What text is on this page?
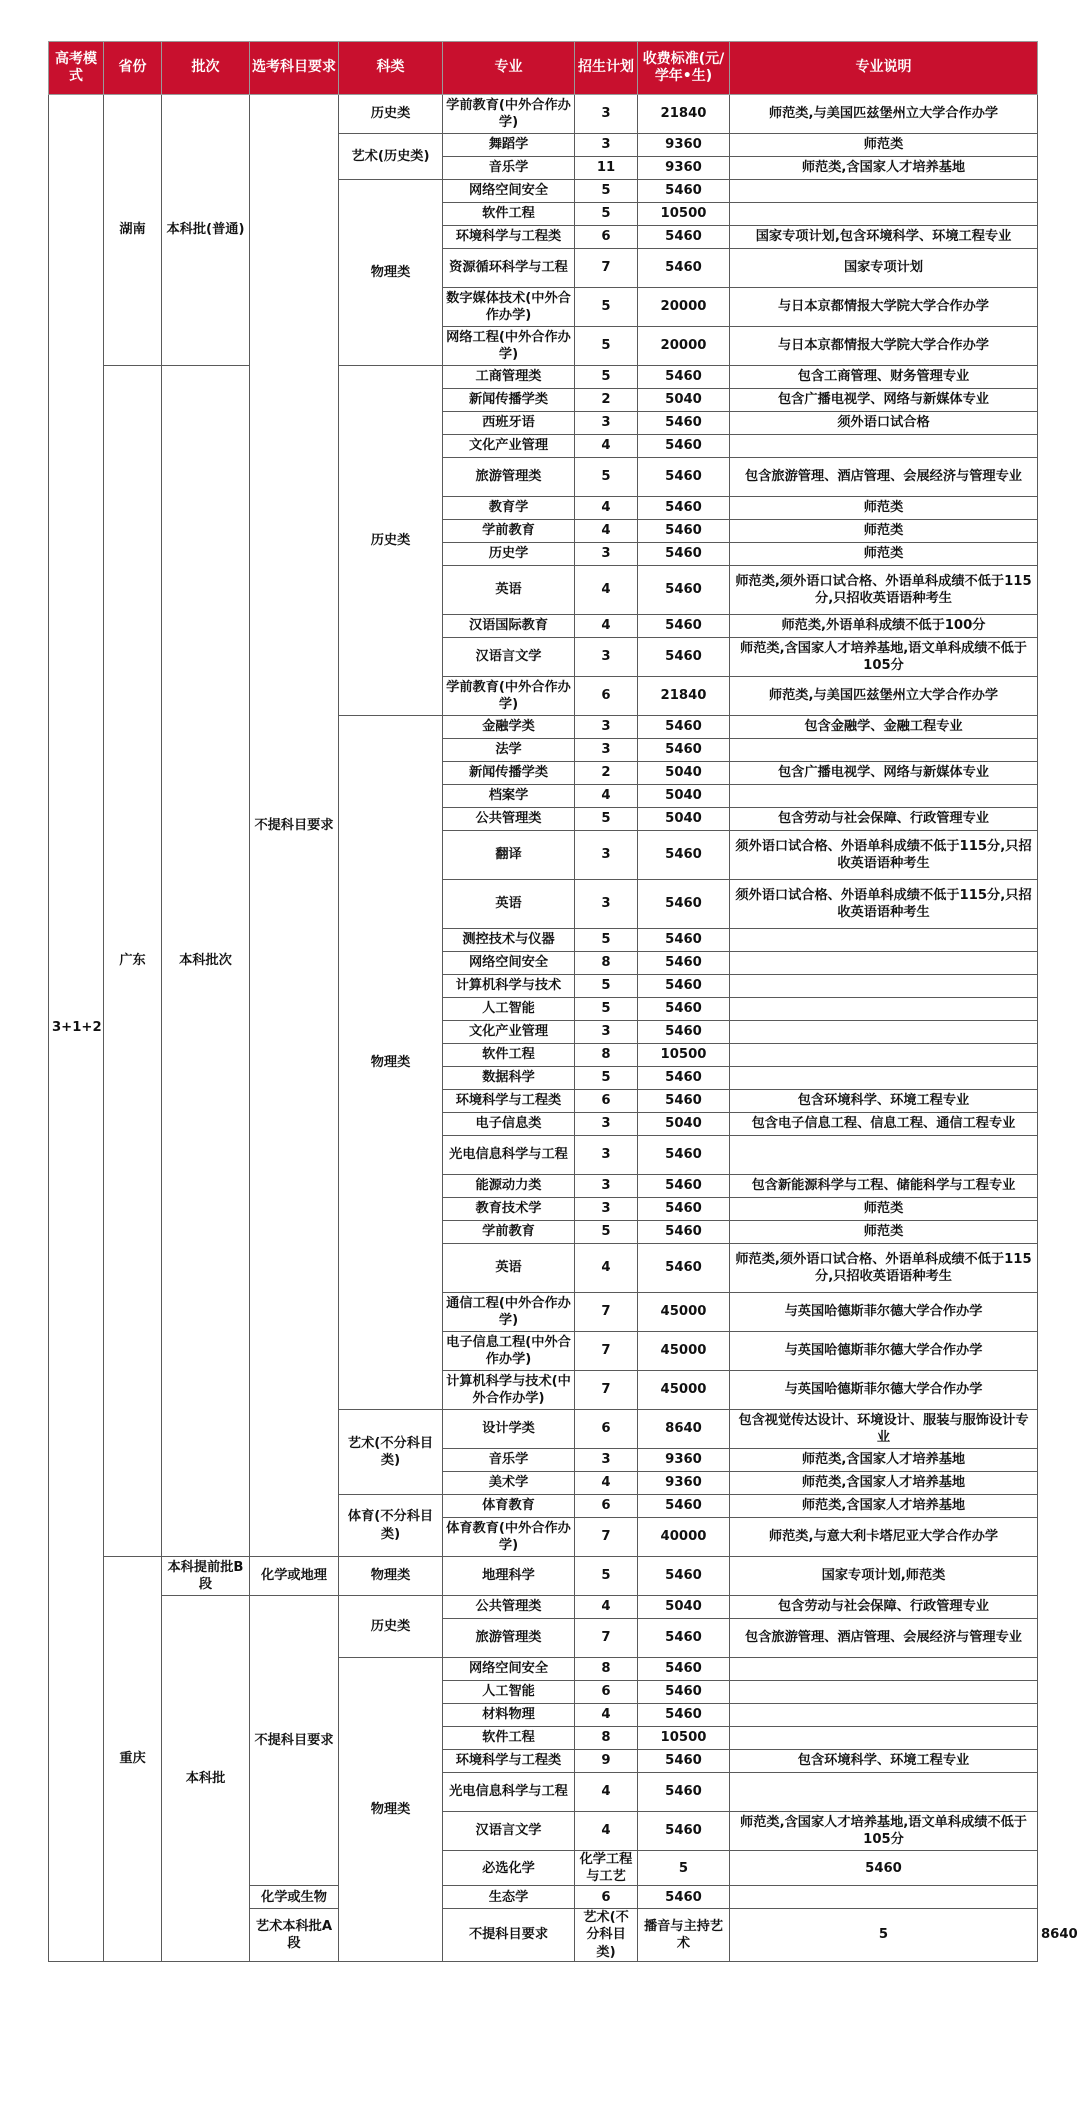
高考模式	省份	批次	选考科目要求	科类	专业	招生计划	收费标准(元/学年•生)	专业说明	
3+1+2	湖南	本科批(普通)	不提科目要求	历史类	学前教育(中外合作办学)	3	21840	师范类,与美国匹兹堡州立大学合作办学	
				艺术(历史类)	舞蹈学	3	9360	师范类	
					音乐学	11	9360	师范类,含国家人才培养基地	
				物理类	网络空间安全	5	5460		
					软件工程	5	10500		
					环境科学与工程类	6	5460	国家专项计划,包含环境科学、环境工程专业	
					资源循环科学与工程	7	5460	国家专项计划	
					数字媒体技术(中外合作办学)	5	20000	与日本京都情报大学院大学合作办学	
					网络工程(中外合作办学)	5	20000	与日本京都情报大学院大学合作办学	
	广东	本科批次		历史类	工商管理类	5	5460	包含工商管理、财务管理专业	
					新闻传播学类	2	5040	包含广播电视学、网络与新媒体专业	
					西班牙语	3	5460	须外语口试合格	
					文化产业管理	4	5460		
					旅游管理类	5	5460	包含旅游管理、酒店管理、会展经济与管理专业	
					教育学	4	5460	师范类	
					学前教育	4	5460	师范类	
					历史学	3	5460	师范类	
					英语	4	5460	师范类,须外语口试合格、外语单科成绩不低于115分,只招收英语语种考生	
					汉语国际教育	4	5460	师范类,外语单科成绩不低于100分	
					汉语言文学	3	5460	师范类,含国家人才培养基地,语文单科成绩不低于105分	
					学前教育(中外合作办学)	6	21840	师范类,与美国匹兹堡州立大学合作办学	
				物理类	金融学类	3	5460	包含金融学、金融工程专业	
					法学	3	5460		
					新闻传播学类	2	5040	包含广播电视学、网络与新媒体专业	
					档案学	4	5040		
					公共管理类	5	5040	包含劳动与社会保障、行政管理专业	
					翻译	3	5460	须外语口试合格、外语单科成绩不低于115分,只招收英语语种考生	
					英语	3	5460	须外语口试合格、外语单科成绩不低于115分,只招收英语语种考生	
					测控技术与仪器	5	5460		
					网络空间安全	8	5460		
					计算机科学与技术	5	5460		
					人工智能	5	5460		
					文化产业管理	3	5460		
					软件工程	8	10500		
					数据科学	5	5460		
					环境科学与工程类	6	5460	包含环境科学、环境工程专业	
					电子信息类	3	5040	包含电子信息工程、信息工程、通信工程专业	
					光电信息科学与工程	3	5460		
					能源动力类	3	5460	包含新能源科学与工程、储能科学与工程专业	
					教育技术学	3	5460	师范类	
					学前教育	5	5460	师范类	
					英语	4	5460	师范类,须外语口试合格、外语单科成绩不低于115分,只招收英语语种考生	
					通信工程(中外合作办学)	7	45000	与英国哈德斯菲尔德大学合作办学	
					电子信息工程(中外合作办学)	7	45000	与英国哈德斯菲尔德大学合作办学	
					计算机科学与技术(中外合作办学)	7	45000	与英国哈德斯菲尔德大学合作办学	
				艺术(不分科目类)	设计学类	6	8640	包含视觉传达设计、环境设计、服装与服饰设计专业	
					音乐学	3	9360	师范类,含国家人才培养基地	
					美术学	4	9360	师范类,含国家人才培养基地	
				体育(不分科目类)	体育教育	6	5460	师范类,含国家人才培养基地	
					体育教育(中外合作办学)	7	40000	师范类,与意大利卡塔尼亚大学合作办学	
	重庆	本科提前批B段	化学或地理	物理类	地理科学	5	5460	国家专项计划,师范类	
		本科批	不提科目要求	历史类	公共管理类	4	5040	包含劳动与社会保障、行政管理专业	
					旅游管理类	7	5460	包含旅游管理、酒店管理、会展经济与管理专业	
				物理类	网络空间安全	8	5460		
					人工智能	6	5460		
					材料物理	4	5460		
					软件工程	8	10500		
					环境科学与工程类	9	5460	包含环境科学、环境工程专业	
					光电信息科学与工程	4	5460		
					汉语言文学	4	5460	师范类,含国家人才培养基地,语文单科成绩不低于105分	
					必选化学	化学工程与工艺	5	5460	
			化学或生物		生态学	6	5460		
			艺术本科批A段		不提科目要求	艺术(不分科目类)	播音与主持艺术	5	8640	
